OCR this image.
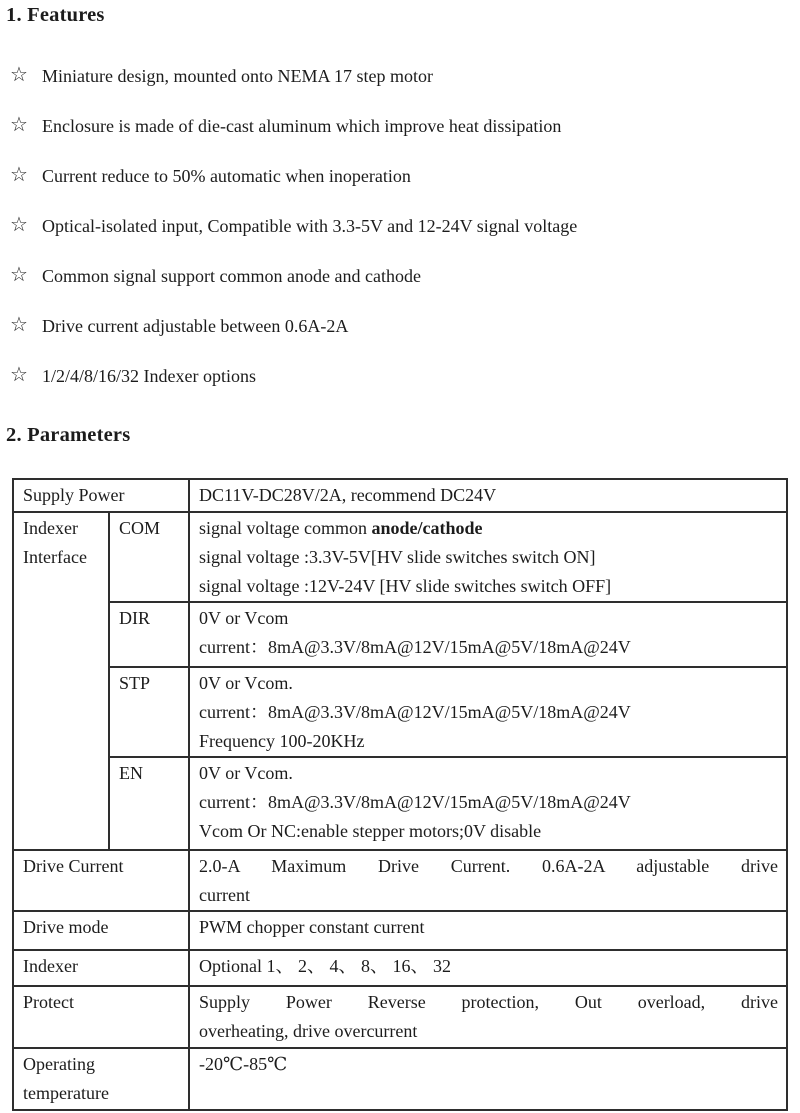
1. Features
☆ Miniature design, mounted onto NEMA 17 step motor
☆ Enclosure is made of die-cast aluminum which improve heat dissipation
☆ Current reduce to 50% automatic when inoperation
☆ Optical-isolated input, Compatible with 3.3-5V and 12-24V signal voltage
☆ Common signal support common anode and cathode
☆ Drive current adjustable between 0.6A-2A
☆ 1/2/4/8/16/32 Indexer options
2. Parameters
Supply Power		DC11V-DC28V/2A, recommend DC24V
Indexer Interface	COM	signal voltage common anode/cathode
signal voltage :3.3V-5V[HV slide switches switch ON]
signal voltage :12V-24V [HV slide switches switch OFF]

	DIR	0V or Vcom
current：8mA@3.3V/8mA@12V/15mA@5V/18mA@24V

	STP	0V or Vcom.
current：8mA@3.3V/8mA@12V/15mA@5V/18mA@24V
Frequency 100-20KHz

	EN	0V or Vcom.
current：8mA@3.3V/8mA@12V/15mA@5V/18mA@24V
Vcom Or NC:enable stepper motors;0V disable

Drive Current		2.0-A Maximum Drive Current. 0.6A-2A adjustable drive
current

Drive mode		PWM chopper constant current
Indexer		Optional 1、 2、 4、 8、 16、 32
Protect		Supply Power Reverse protection, Out overload, drive
overheating, drive overcurrent

Operating temperature		-20℃-85℃
